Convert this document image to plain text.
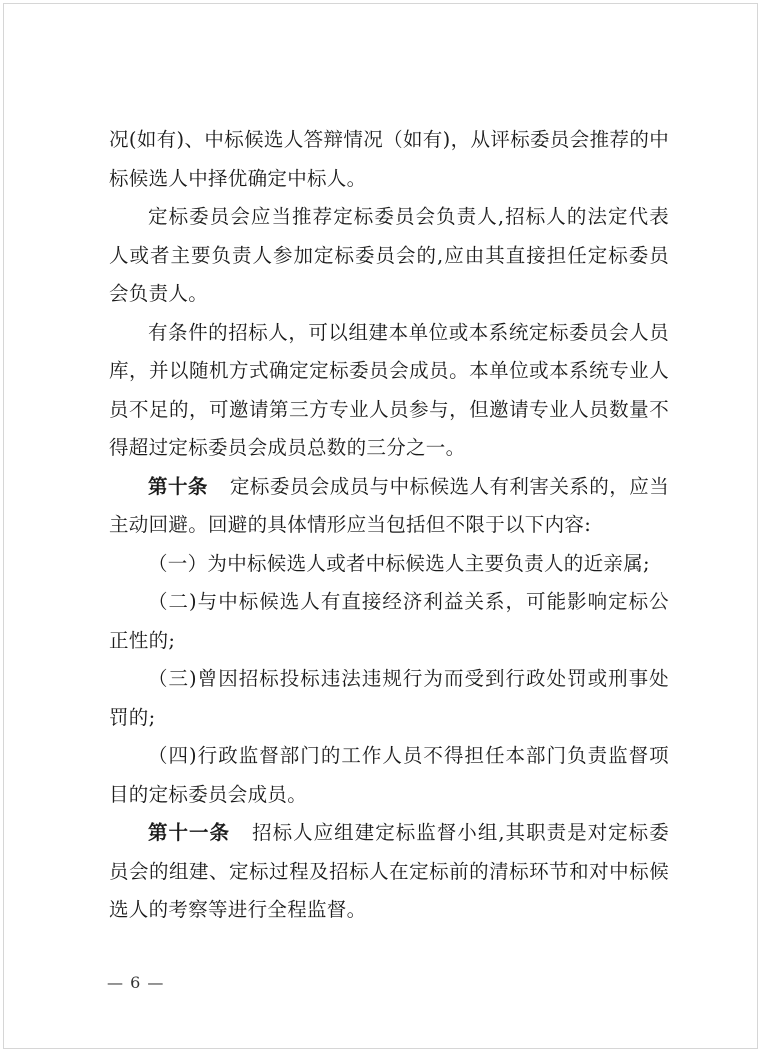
况(如有)、中标候选人答辩情况（如有)，从评标委员会推荐的中标候选人中择优确定中标人。

定标委员会应当推荐定标委员会负责人,招标人的法定代表人或者主要负责人参加定标委员会的,应由其直接担任定标委员会负责人。

有条件的招标人，可以组建本单位或本系统定标委员会人员库，并以随机方式确定定标委员会成员。本单位或本系统专业人员不足的，可邀请第三方专业人员参与，但邀请专业人员数量不得超过定标委员会成员总数的三分之一。

第十条 定标委员会成员与中标候选人有利害关系的，应当主动回避。回避的具体情形应当包括但不限于以下内容:

（一）为中标候选人或者中标候选人主要负责人的近亲属;

（二)与中标候选人有直接经济利益关系，可能影响定标公正性的;

（三)曾因招标投标违法违规行为而受到行政处罚或刑事处罚的;

（四)行政监督部门的工作人员不得担任本部门负责监督项目的定标委员会成员。

第十一条 招标人应组建定标监督小组,其职责是对定标委员会的组建、定标过程及招标人在定标前的清标环节和对中标候选人的考察等进行全程监督。

— 6 —
